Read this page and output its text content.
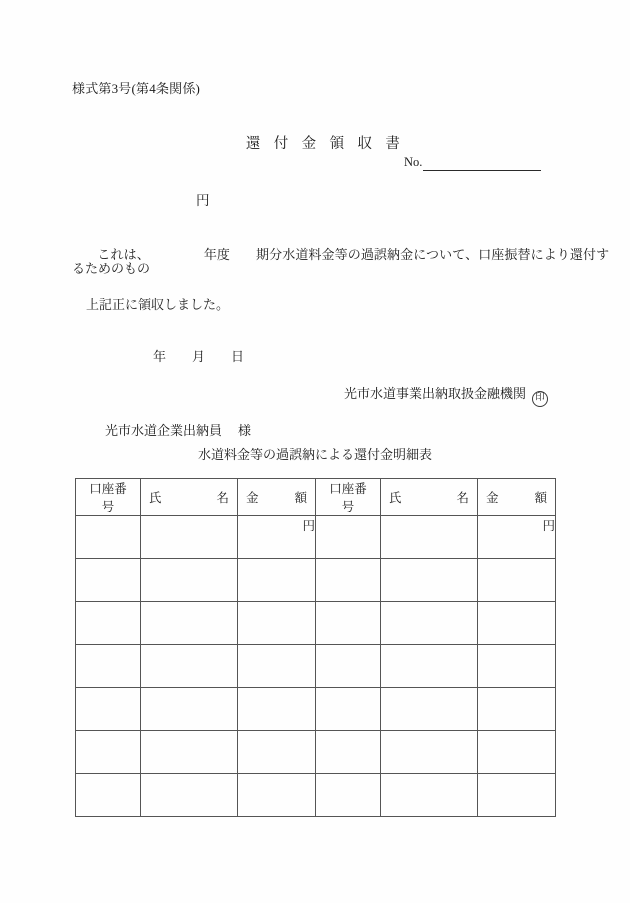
様式第3号(第4条関係)

還 付 金 領 収 書

No.
円

これは、	年度 期分水道料金等の過誤納金について、口座振替により還付す

るためのもの
上記正に領収しました。

年 月 日

光市水道事業出納取扱金融機関 印

光市水道企業出納員 様

水道料金等の過誤納による還付金明細表
口座番号	氏 名	金 額	口座番号	氏 名	金 額

		円			円
